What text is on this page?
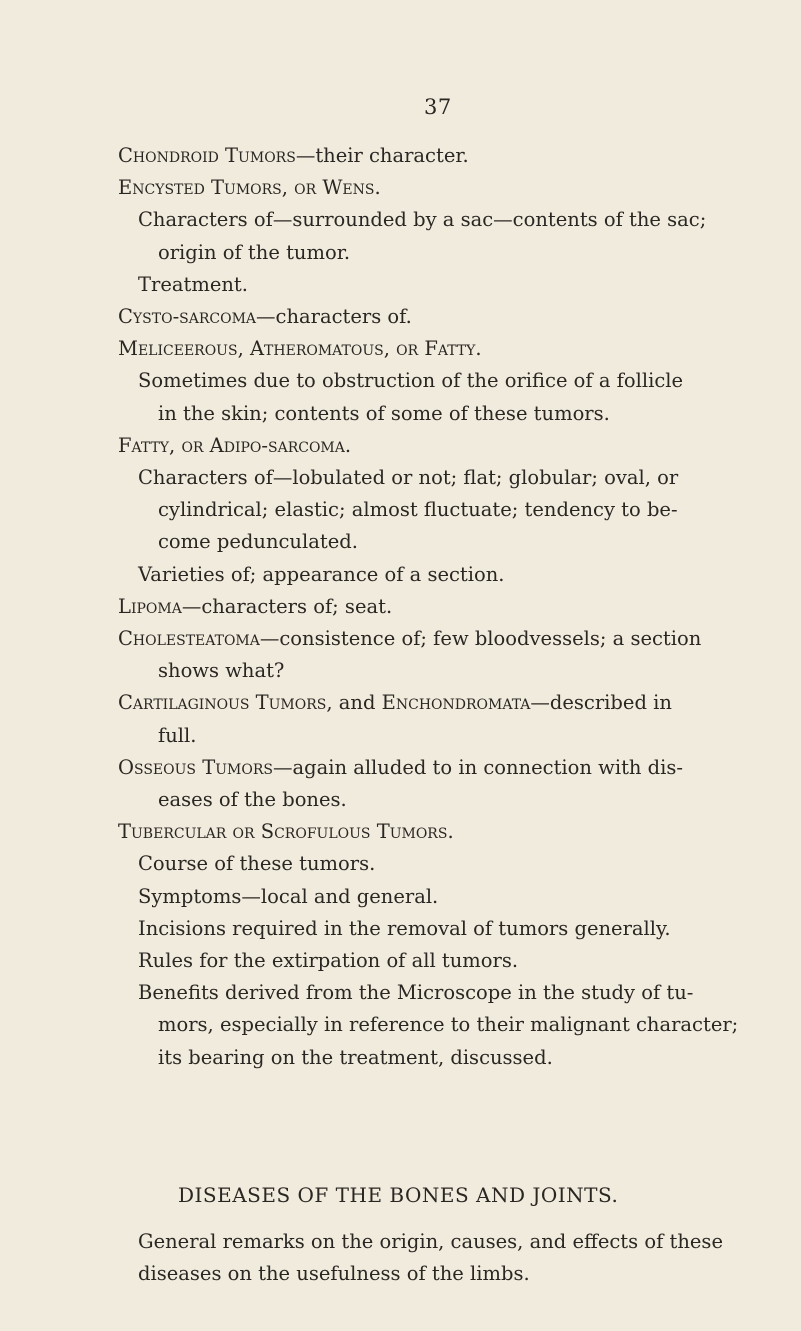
37
Chondroid Tumors—their character.
Encysted Tumors, or Wens.
Characters of—surrounded by a sac—contents of the sac;
origin of the tumor.
Treatment.
Cysto-sarcoma—characters of.
Meliceerous, Atheromatous, or Fatty.
Sometimes due to obstruction of the orifice of a follicle
in the skin; contents of some of these tumors.
Fatty, or Adipo-sarcoma.
Characters of—lobulated or not; flat; globular; oval, or
cylindrical; elastic; almost fluctuate; tendency to be-
come pedunculated.
Varieties of; appearance of a section.
Lipoma—characters of; seat.
Cholesteatoma—consistence of; few bloodvessels; a section
shows what?
Cartilaginous Tumors, and Enchondromata—described in
full.
Osseous Tumors—again alluded to in connection with dis-
eases of the bones.
Tubercular or Scrofulous Tumors.
Course of these tumors.
Symptoms—local and general.
Incisions required in the removal of tumors generally.
Rules for the extirpation of all tumors.
Benefits derived from the Microscope in the study of tu-
mors, especially in reference to their malignant character;
its bearing on the treatment, discussed.
DISEASES OF THE BONES AND JOINTS.
General remarks on the origin, causes, and effects of these
diseases on the usefulness of the limbs.
